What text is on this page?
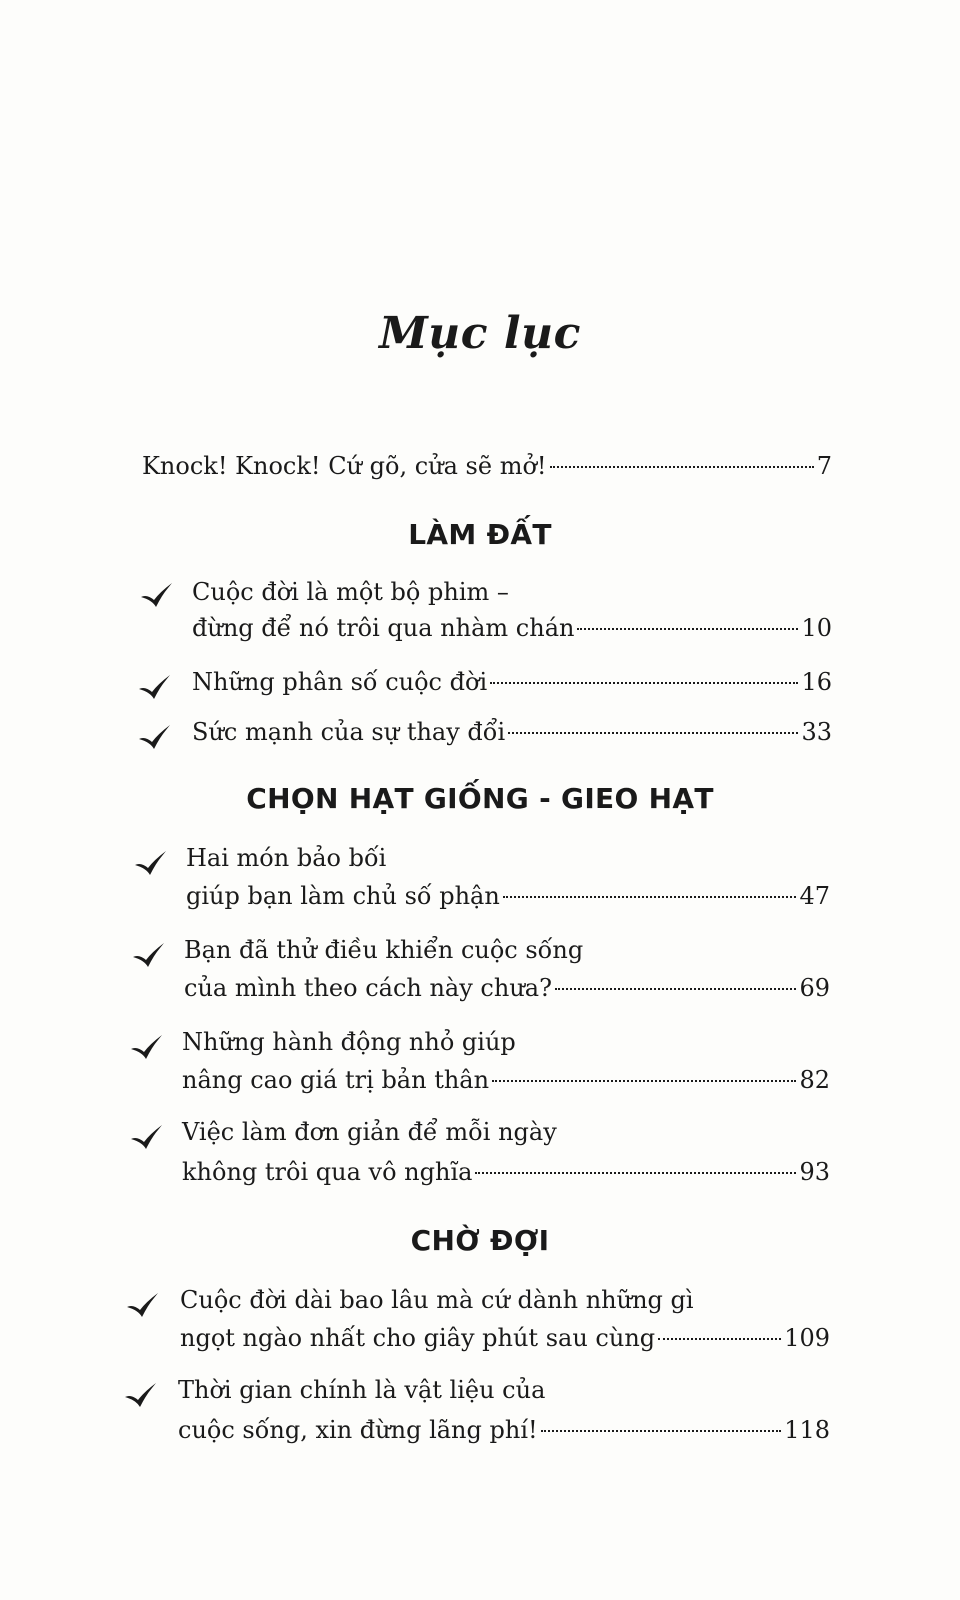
Mục lục
Knock! Knock! Cứ gõ, cửa sẽ mở!	7
LÀM ĐẤT
Cuộc đời là một bộ phim –
đừng để nó trôi qua nhàm chán	10
Những phân số cuộc đời	16
Sức mạnh của sự thay đổi	33
CHỌN HẠT GIỐNG - GIEO HẠT
Hai món bảo bối
giúp bạn làm chủ số phận	47
Bạn đã thử điều khiển cuộc sống
của mình theo cách này chưa?	69
Những hành động nhỏ giúp
nâng cao giá trị bản thân	82
Việc làm đơn giản để mỗi ngày
không trôi qua vô nghĩa	93
CHỜ ĐỢI
Cuộc đời dài bao lâu mà cứ dành những gì
ngọt ngào nhất cho giây phút sau cùng	109
Thời gian chính là vật liệu của
cuộc sống, xin đừng lãng phí!	118
